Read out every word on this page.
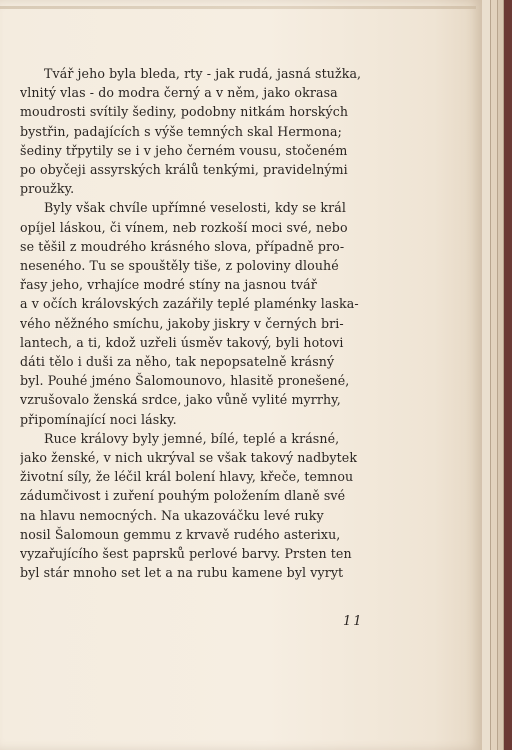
Tvář jeho byla bleda, rty - jak rudá, jasná stužka,
vlnitý vlas - do modra černý a v něm, jako okrasa
moudrosti svítily šediny, podobny nitkám horských
bystřin, padajících s výše temných skal Hermona;
šediny třpytily se i v jeho černém vousu, stočeném
po obyčeji assyrských králů tenkými, pravidelnými
proužky.

Byly však chvíle upřímné veselosti, kdy se král
opíjel láskou, či vínem, neb rozkoší moci své, nebo
se těšil z moudrého krásného slova, případně pro-
neseného. Tu se spouštěly tiše, z poloviny dlouhé
řasy jeho, vrhajíce modré stíny na jasnou tvář
a v očích královských zazářily teplé plaménky laska-
vého něžného smíchu, jakoby jiskry v černých bri-
lantech, a ti, kdož uzřeli úsměv takový, byli hotovi
dáti tělo i duši za něho, tak nepopsatelně krásný
byl. Pouhé jméno Šalomounovo, hlasitě pronešené,
vzrušovalo ženská srdce, jako vůně vylité myrrhy,
připomínající noci lásky.

Ruce královy byly jemné, bílé, teplé a krásné,
jako ženské, v nich ukrýval se však takový nadbytek
životní síly, že léčil král bolení hlavy, křeče, temnou
zádumčivost i zuření pouhým položením dlaně své
na hlavu nemocných. Na ukazováčku levé ruky
nosil Šalomoun gemmu z krvavě rudého asterixu,
vyzařujícího šest paprsků perlové barvy. Prsten ten
byl stár mnoho set let a na rubu kamene byl vyryt

11
